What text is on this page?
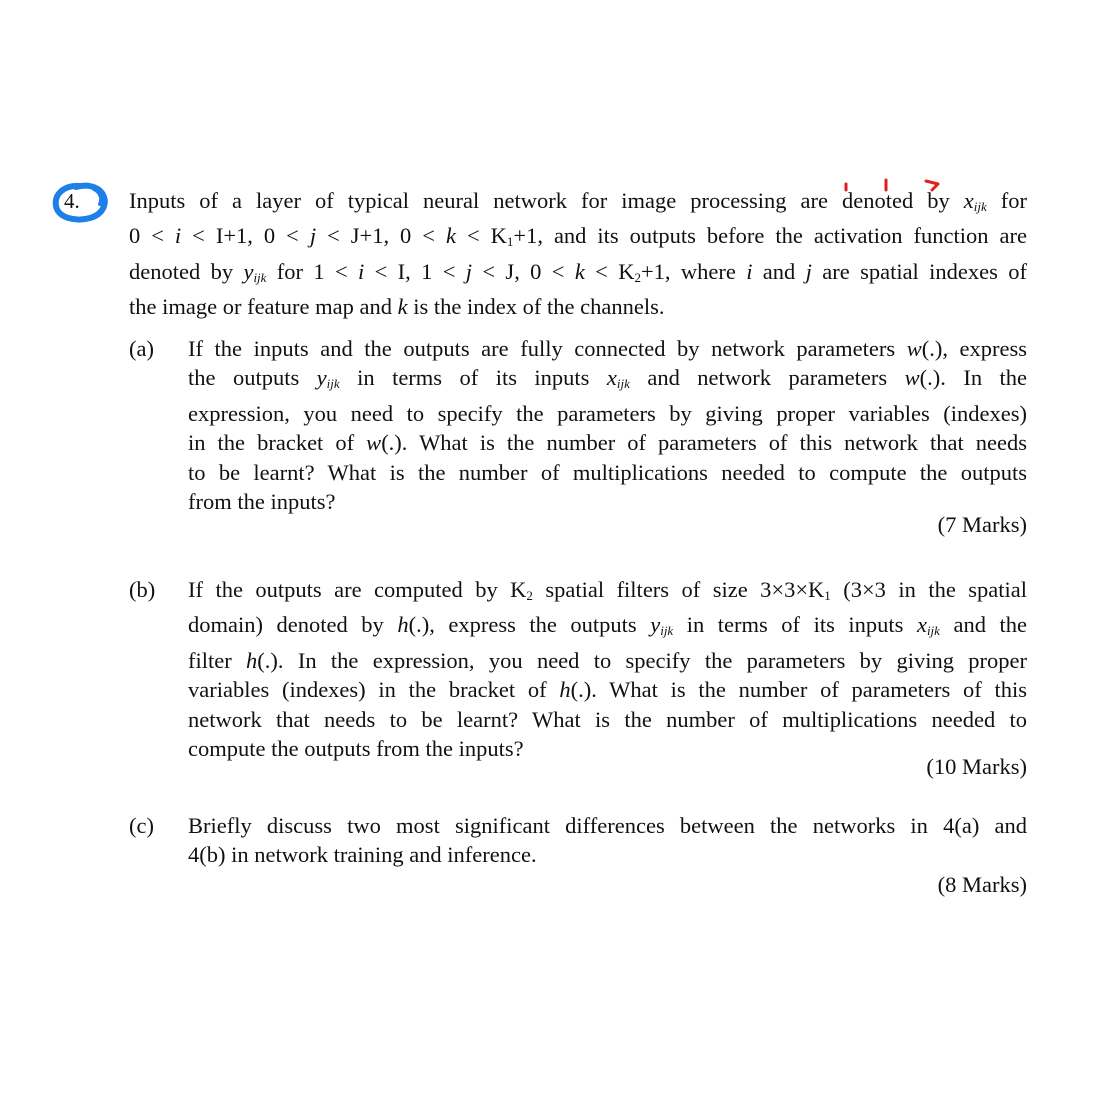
4. Inputs of a layer of typical neural network for image processing are denoted by $x_{ijk}$ for
0 < i < I+1, 0 < j < J+1, $0 < k < K_1+1$, and its outputs before the activation function are
denoted by $y_{ijk}$ for 1 < i < I, 1 < j < J, $0 < k < K_2+1$, where i and j are spatial indexes of
the image or feature map and k is the index of the channels.
(a) If the inputs and the outputs are fully connected by network parameters w(.), express
the outputs $y_{ijk}$ in terms of its inputs $x_{ijk}$ and network parameters w(.). In the
expression, you need to specify the parameters by giving proper variables (indexes)
in the bracket of w(.). What is the number of parameters of this network that needs
to be learnt? What is the number of multiplications needed to compute the outputs
from the inputs?
(7 Marks)
(b) If the outputs are computed by $K_2$ spatial filters of size $3\times 3\times K_1$ (3×3 in the spatial
domain) denoted by h(.), express the outputs $y_{ijk}$ in terms of its inputs $x_{ijk}$ and the
filter h(.). In the expression, you need to specify the parameters by giving proper
variables (indexes) in the bracket of h(.). What is the number of parameters of this
network that needs to be learnt? What is the number of multiplications needed to
compute the outputs from the inputs?
(10 Marks)
(c) Briefly discuss two most significant differences between the networks in 4(a) and
4(b) in network training and inference.
(8 Marks)
